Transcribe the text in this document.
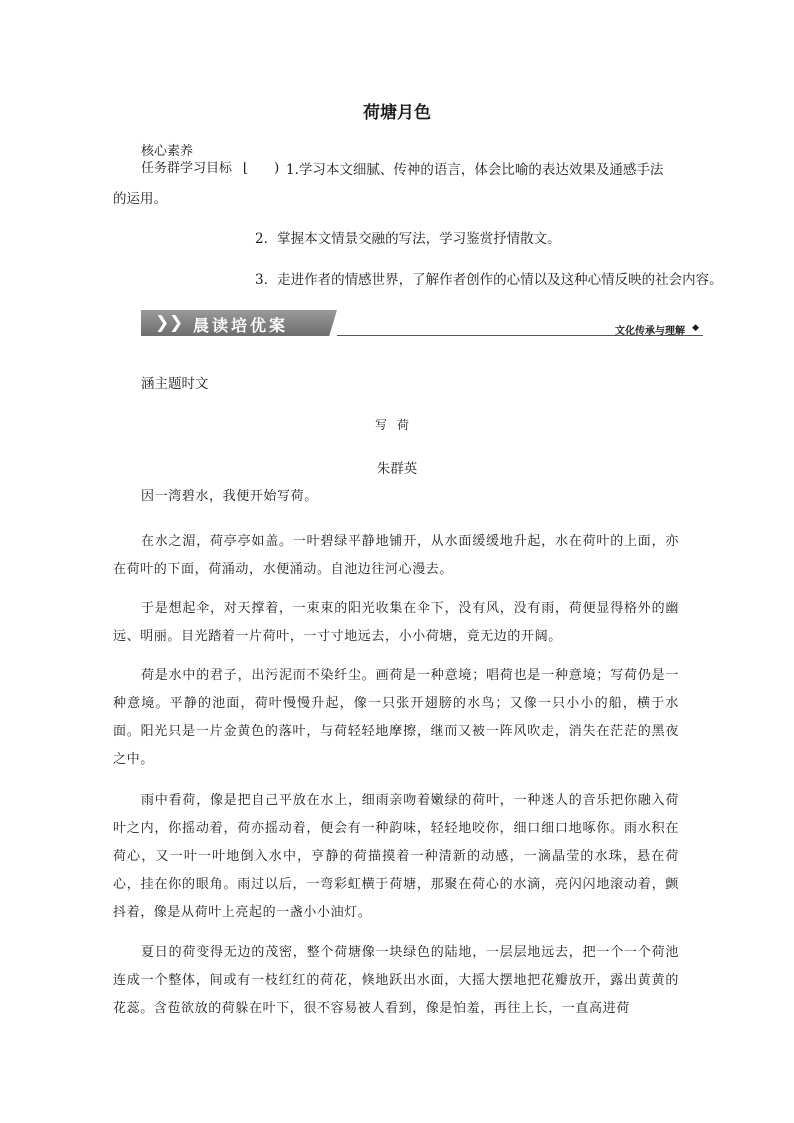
荷塘月色
核心素养
任务群学习目标 ⌊　　) 1.学习本文细腻、传神的语言，体会比喻的表达效果及通感手法
的运用。
2．掌握本文情景交融的写法，学习鉴赏抒情散文。
3．走进作者的情感世界，了解作者创作的心情以及这种心情反映的社会内容。
❯ ❯ 晨读培优案	文化传承与理解 ◆
涵主题时文
写荷
朱群英

因一湾碧水，我便开始写荷。

在水之湄，荷亭亭如盖。一叶碧绿平静地铺开，从水面缓缓地升起，水在荷叶的上面，亦在荷叶的下面，荷涌动，水便涌动。自池边往河心漫去。

于是想起伞，对天撑着，一束束的阳光收集在伞下，没有风，没有雨，荷便显得格外的幽远、明丽。目光踏着一片荷叶，一寸寸地远去，小小荷塘，竟无边的开阔。

荷是水中的君子，出污泥而不染纤尘。画荷是一种意境；唱荷也是一种意境；写荷仍是一种意境。平静的池面，荷叶慢慢升起，像一只张开翅膀的水鸟；又像一只小小的船，横于水面。阳光只是一片金黄色的落叶，与荷轻轻地摩擦，继而又被一阵风吹走，消失在茫茫的黑夜之中。

雨中看荷，像是把自己平放在水上，细雨亲吻着嫩绿的荷叶，一种迷人的音乐把你融入荷叶之内，你摇动着，荷亦摇动着，便会有一种韵味，轻轻地咬你，细口细口地啄你。雨水积在荷心，又一叶一叶地倒入水中，亨静的荷描摸着一种清新的动感，一滴晶莹的水珠，悬在荷心，挂在你的眼角。雨过以后，一弯彩虹横于荷塘，那聚在荷心的水滴，亮闪闪地滚动着，颤抖着，像是从荷叶上亮起的一盏小小油灯。

夏日的荷变得无边的茂密，整个荷塘像一块绿色的陆地，一层层地远去，把一个一个荷池连成一个整体，间或有一枝红红的荷花，倏地跃出水面，大摇大摆地把花瓣放开，露出黄黄的花蕊。含苞欲放的荷躲在叶下，很不容易被人看到，像是怕羞，再往上长，一直高进荷
